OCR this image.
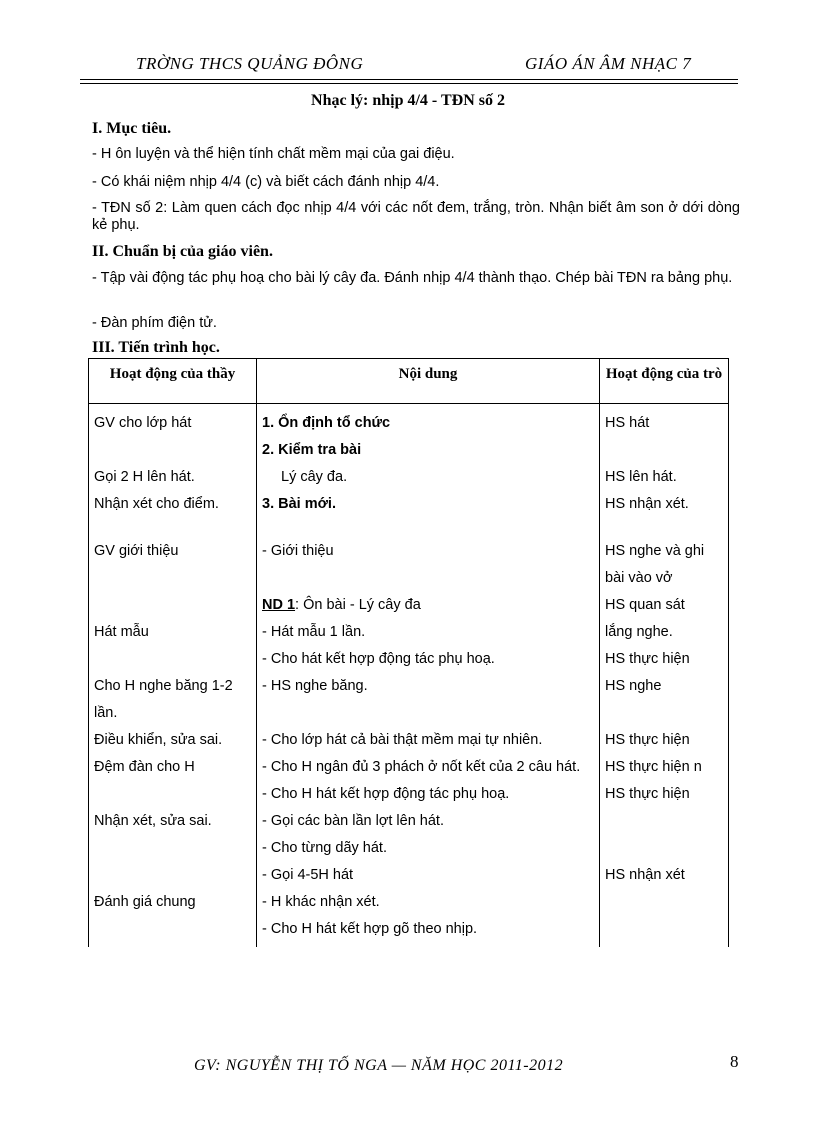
TRỜNG THCS QUẢNG ĐÔNG	GIÁO ÁN ÂM NHẠC 7
Nhạc lý: nhịp 4/4 - TĐN số 2
I. Mục tiêu.
- H ôn luyện và thể hiện tính chất mềm mại của gai điệu.
- Có khái niệm nhịp 4/4 (c) và biết cách đánh nhịp 4/4.
- TĐN số 2: Làm quen cách đọc nhịp 4/4 với các nốt đem, trắng, tròn. Nhận biết âm son ở dới dòng kẻ phụ.
II. Chuẩn bị của giáo viên.
- Tập vài động tác phụ hoạ cho bài lý cây đa. Đánh nhịp 4/4 thành thạo. Chép bài TĐN ra bảng phụ.
- Đàn phím điện tử.
III. Tiến trình học.
Hoạt động của thầy	Nội dung	Hoạt động của trò
GV cho lớp hát	1. Ổn định tổ chức	HS hát
	2. Kiểm tra bài	
Gọi 2 H lên hát.	Lý cây đa.	HS lên hát.
Nhận xét cho điểm.	3. Bài mới.	HS nhận xét.

GV giới thiệu	- Giới thiệu	HS nghe và ghi bài vào vở
	ND 1: Ôn bài - Lý cây đa	HS quan sát
Hát mẫu	- Hát mẫu 1 lần.	lắng nghe.
	- Cho hát kết hợp động tác phụ hoạ.	HS thực hiện
Cho H nghe băng 1-2 lần.	- HS nghe băng.	HS nghe
Điều khiển, sửa sai.	- Cho lớp hát cả bài thật mềm mại tự nhiên.	HS thực hiện
Đệm đàn cho H	- Cho H ngân đủ 3 phách ở nốt kết của 2 câu hát.	HS thực hiện n
	- Cho H hát kết hợp động tác phụ hoạ.	HS thực hiện
Nhận xét, sửa sai.	- Gọi các bàn lần lợt lên hát.	
	- Cho từng dãy hát.	
	- Gọi 4-5H hát	HS nhận xét
Đánh giá chung	- H khác nhận xét.	
	- Cho H hát kết hợp gõ theo nhịp.	
GV: NGUYỄN THỊ TỐ NGA — NĂM HỌC 2011-2012	8
